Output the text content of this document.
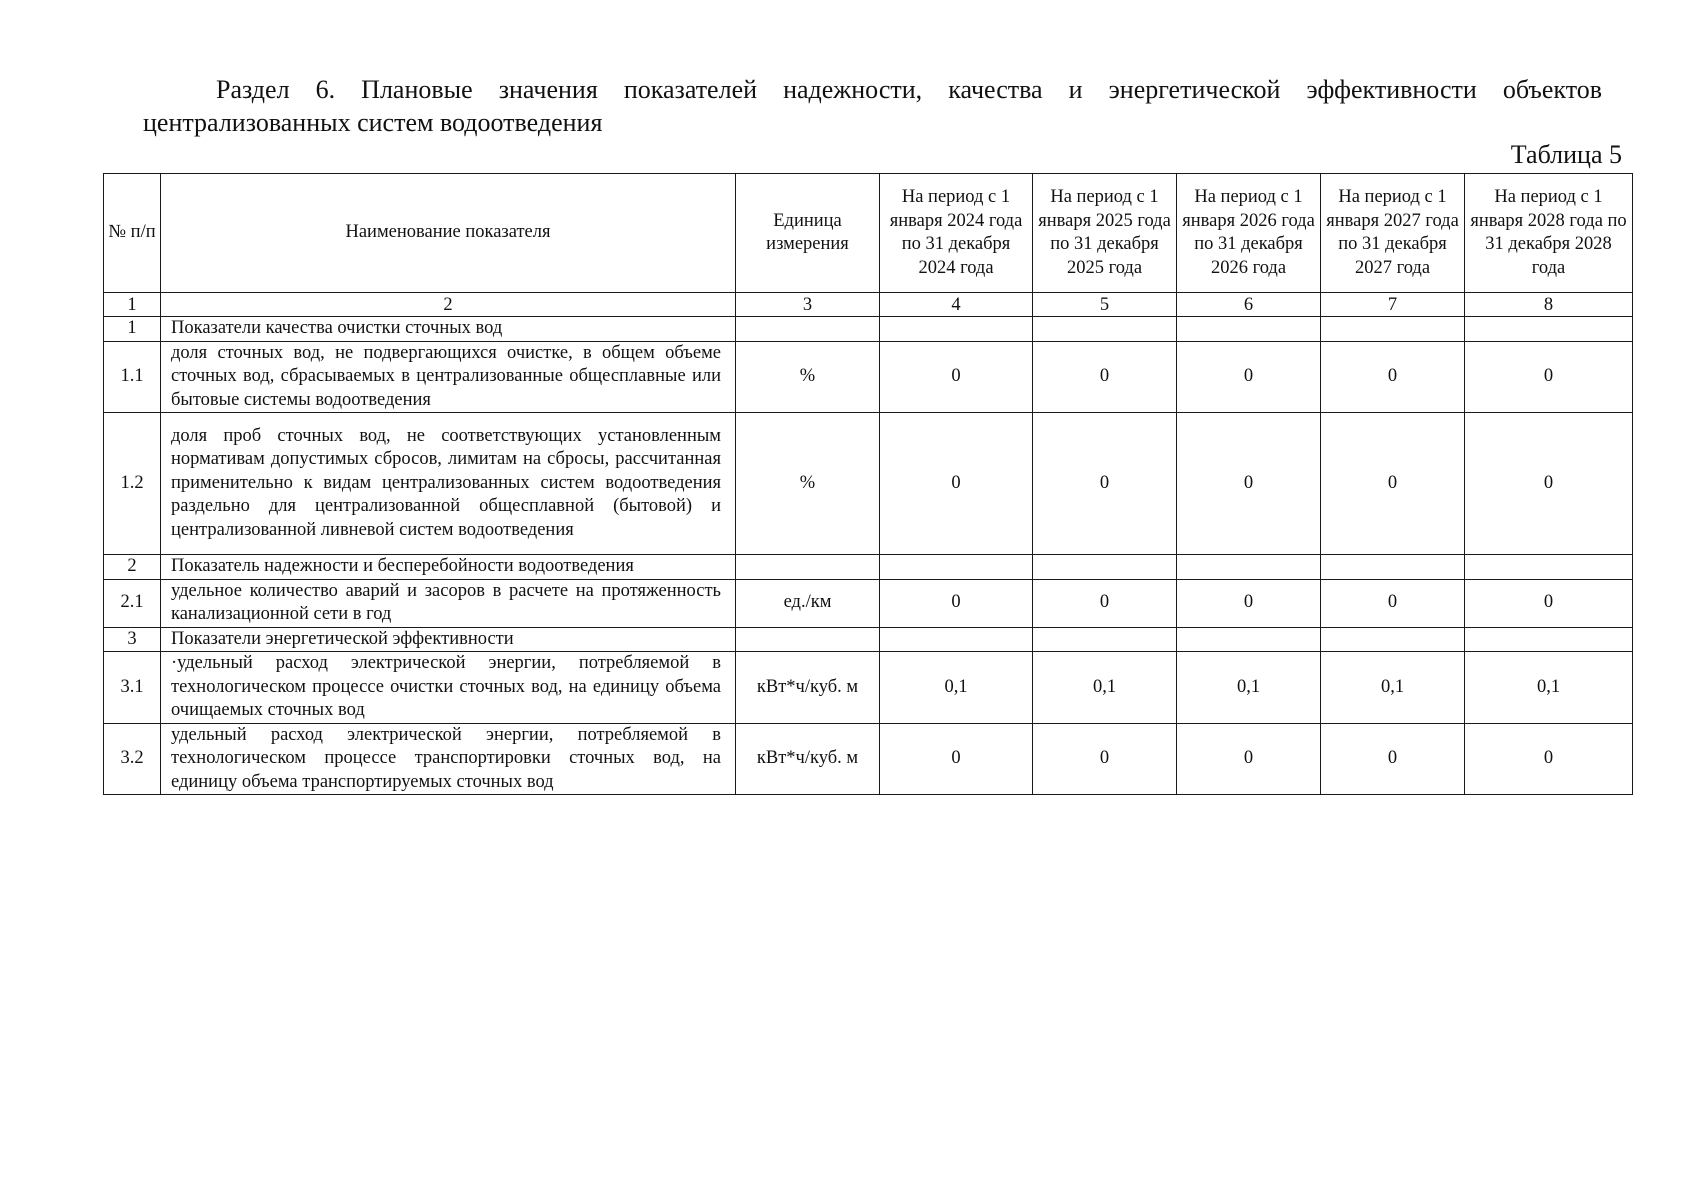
Раздел 6. Плановые значения показателей надежности, качества и энергетической эффективности объектов централизованных систем водоотведения
Таблица 5
№ п/п	Наименование показателя	Единица измерения	На период с 1 января 2024 года по 31 декабря 2024 года	На период с 1 января 2025 года по 31 декабря 2025 года	На период с 1 января 2026 года по 31 декабря 2026 года	На период с 1 января 2027 года по 31 декабря 2027 года	На период с 1 января 2028 года по 31 декабря 2028 года
1	2	3	4	5	6	7	8
1	Показатели качества очистки сточных вод						
1.1	доля сточных вод, не подвергающихся очистке, в общем объеме сточных вод, сбрасываемых в централизованные общесплавные или бытовые системы водоотведения	%	0	0	0	0	0
1.2	доля проб сточных вод, не соответствующих установленным нормативам допустимых сбросов, лимитам на сбросы, рассчитанная применительно к видам централизованных систем водоотведения раздельно для централизованной общесплавной (бытовой) и централизованной ливневой систем водоотведения	%	0	0	0	0	0
2	Показатель надежности и бесперебойности водоотведения						
2.1	удельное количество аварий и засоров в расчете на протяженность канализационной сети в год	ед./км	0	0	0	0	0
3	Показатели энергетической эффективности						
3.1	·удельный расход электрической энергии, потребляемой в технологическом процессе очистки сточных вод, на единицу объема очищаемых сточных вод	кВт*ч/куб. м	0,1	0,1	0,1	0,1	0,1
3.2	удельный расход электрической энергии, потребляемой в технологическом процессе транспортировки сточных вод, на единицу объема транспортируемых сточных вод	кВт*ч/куб. м	0	0	0	0	0
